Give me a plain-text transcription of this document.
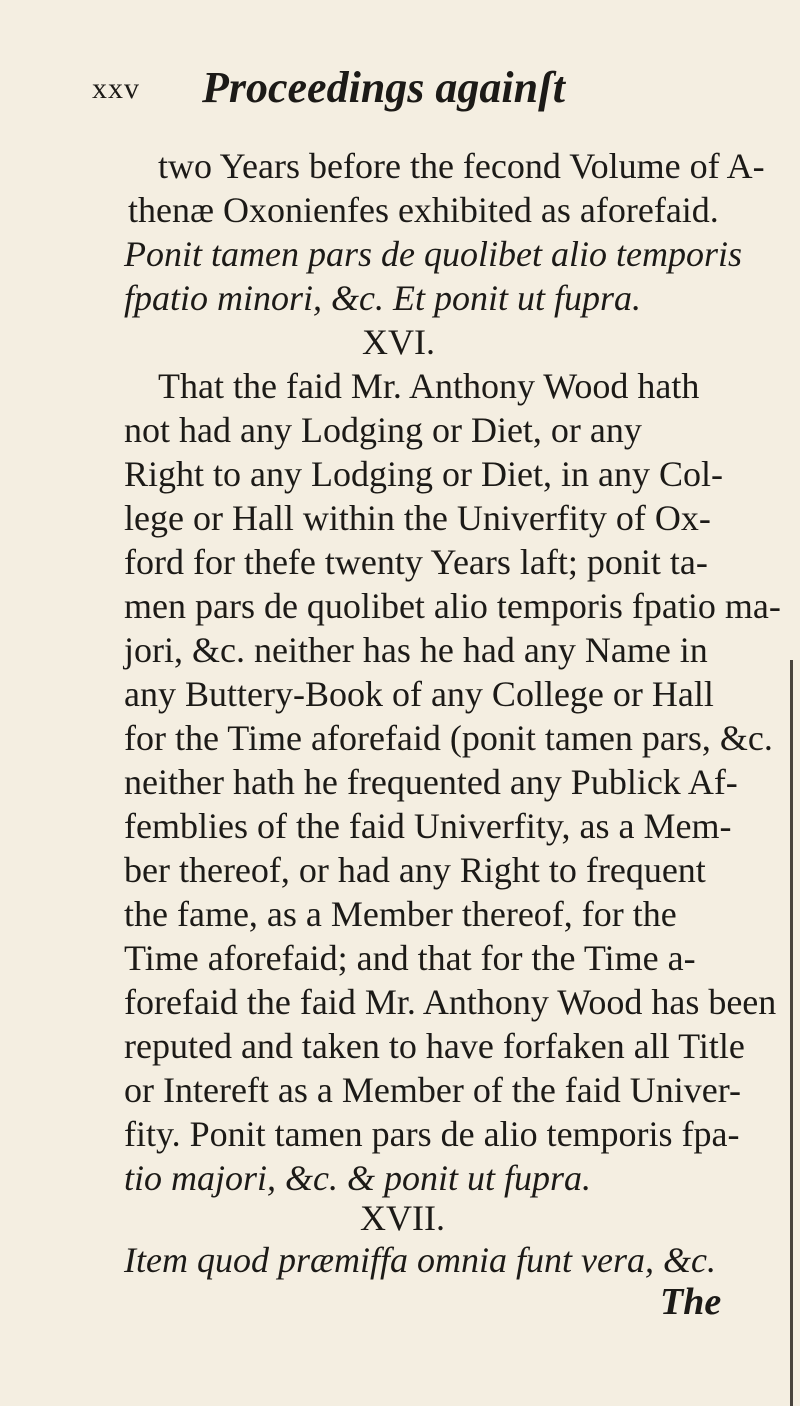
xxv Proceedings againſt
two Years before the fecond Volume of A-
thenæ Oxonienfes exhibited as aforefaid.
Ponit tamen pars de quolibet alio temporis
fpatio minori, &c. Et ponit ut fupra.
XVI.
That the faid Mr. Anthony Wood hath
not had any Lodging or Diet, or any
Right to any Lodging or Diet, in any Col-
lege or Hall within the Univerfity of Ox-
ford for thefe twenty Years laft; ponit ta-
men pars de quolibet alio temporis fpatio ma-
jori, &c. neither has he had any Name in
any Buttery-Book of any College or Hall
for the Time aforefaid (ponit tamen pars, &c.
neither hath he frequented any Publick Af-
femblies of the faid Univerfity, as a Mem-
ber thereof, or had any Right to frequent
the fame, as a Member thereof, for the
Time aforefaid; and that for the Time a-
forefaid the faid Mr. Anthony Wood has been
reputed and taken to have forfaken all Title
or Intereft as a Member of the faid Univer-
fity. Ponit tamen pars de alio temporis fpa-
tio majori, &c. & ponit ut fupra.
XVII.
Item quod præmiffa omnia funt vera, &c.
The
